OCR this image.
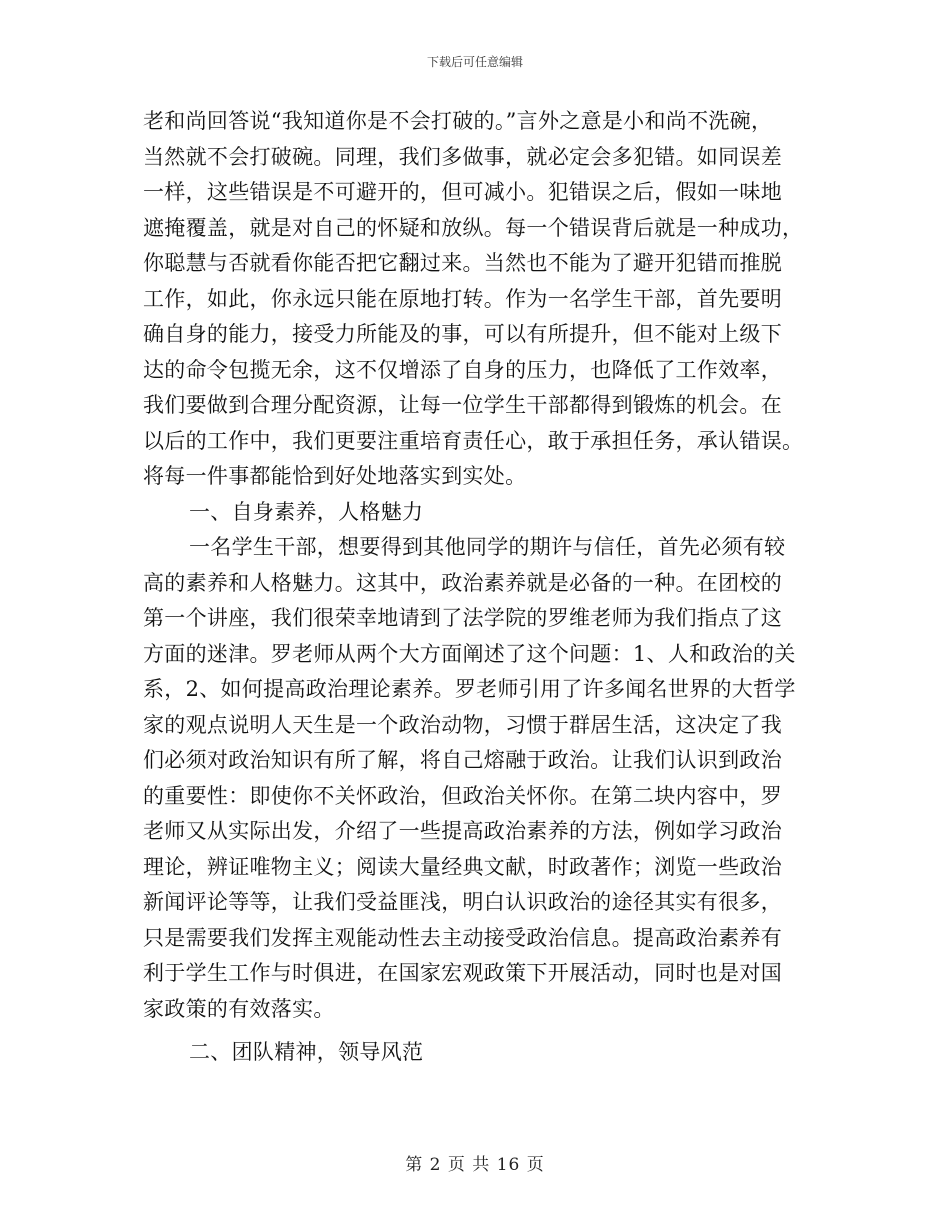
下载后可任意编辑
老和尚回答说“我知道你是不会打破的。”言外之意是小和尚不洗碗，
当然就不会打破碗。同理，我们多做事，就必定会多犯错。如同误差
一样，这些错误是不可避开的，但可减小。犯错误之后，假如一味地
遮掩覆盖，就是对自己的怀疑和放纵。每一个错误背后就是一种成功，
你聪慧与否就看你能否把它翻过来。当然也不能为了避开犯错而推脱
工作，如此，你永远只能在原地打转。作为一名学生干部，首先要明
确自身的能力，接受力所能及的事，可以有所提升，但不能对上级下
达的命令包揽无余，这不仅增添了自身的压力，也降低了工作效率，
我们要做到合理分配资源，让每一位学生干部都得到锻炼的机会。在
以后的工作中，我们更要注重培育责任心，敢于承担任务，承认错误。
将每一件事都能恰到好处地落实到实处。
一、自身素养，人格魅力
一名学生干部，想要得到其他同学的期许与信任，首先必须有较
高的素养和人格魅力。这其中，政治素养就是必备的一种。在团校的
第一个讲座，我们很荣幸地请到了法学院的罗维老师为我们指点了这
方面的迷津。罗老师从两个大方面阐述了这个问题：1、人和政治的关
系，2、如何提高政治理论素养。罗老师引用了许多闻名世界的大哲学
家的观点说明人天生是一个政治动物，习惯于群居生活，这决定了我
们必须对政治知识有所了解，将自己熔融于政治。让我们认识到政治
的重要性：即使你不关怀政治，但政治关怀你。在第二块内容中，罗
老师又从实际出发，介绍了一些提高政治素养的方法，例如学习政治
理论，辨证唯物主义；阅读大量经典文献，时政著作；浏览一些政治
新闻评论等等，让我们受益匪浅，明白认识政治的途径其实有很多，
只是需要我们发挥主观能动性去主动接受政治信息。提高政治素养有
利于学生工作与时俱进，在国家宏观政策下开展活动，同时也是对国
家政策的有效落实。
二、团队精神，领导风范
第 2 页 共 16 页
